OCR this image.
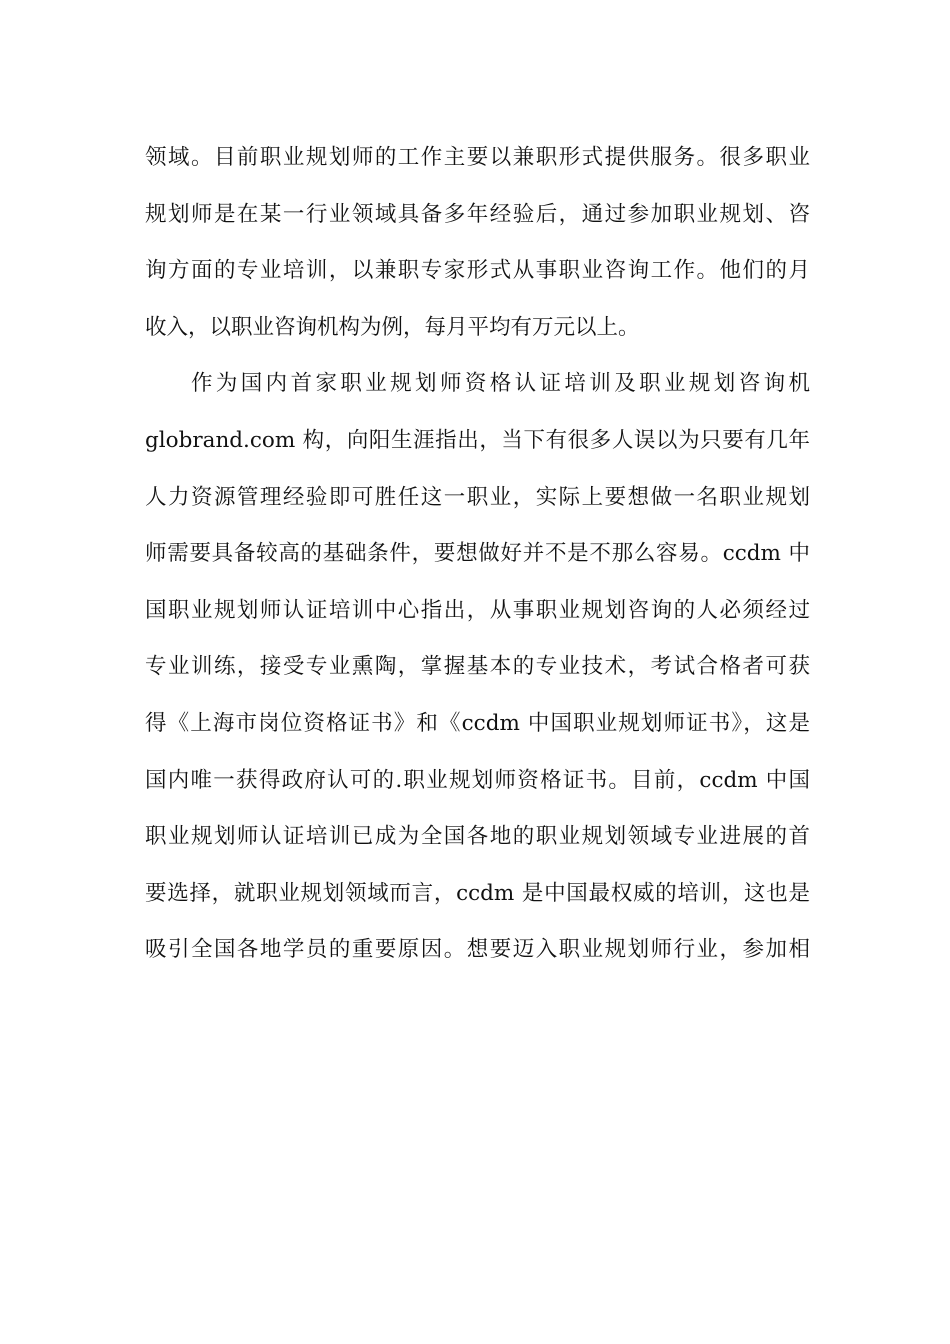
领域。目前职业规划师的工作主要以兼职形式提供服务。很多职业
规划师是在某一行业领域具备多年经验后，通过参加职业规划、咨
询方面的专业培训，以兼职专家形式从事职业咨询工作。他们的月
收入，以职业咨询机构为例，每月平均有万元以上。
作为国内首家职业规划师资格认证培训及职业规划咨询机
globrand.com 构，向阳生涯指出，当下有很多人误以为只要有几年
人力资源管理经验即可胜任这一职业，实际上要想做一名职业规划
师需要具备较高的基础条件，要想做好并不是不那么容易。ccdm 中
国职业规划师认证培训中心指出，从事职业规划咨询的人必须经过
专业训练，接受专业熏陶，掌握基本的专业技术，考试合格者可获
得《上海市岗位资格证书》和《ccdm 中国职业规划师证书》，这是
国内唯一获得政府认可的.职业规划师资格证书。目前，ccdm 中国
职业规划师认证培训已成为全国各地的职业规划领域专业进展的首
要选择，就职业规划领域而言，ccdm 是中国最权威的培训，这也是
吸引全国各地学员的重要原因。想要迈入职业规划师行业，参加相
